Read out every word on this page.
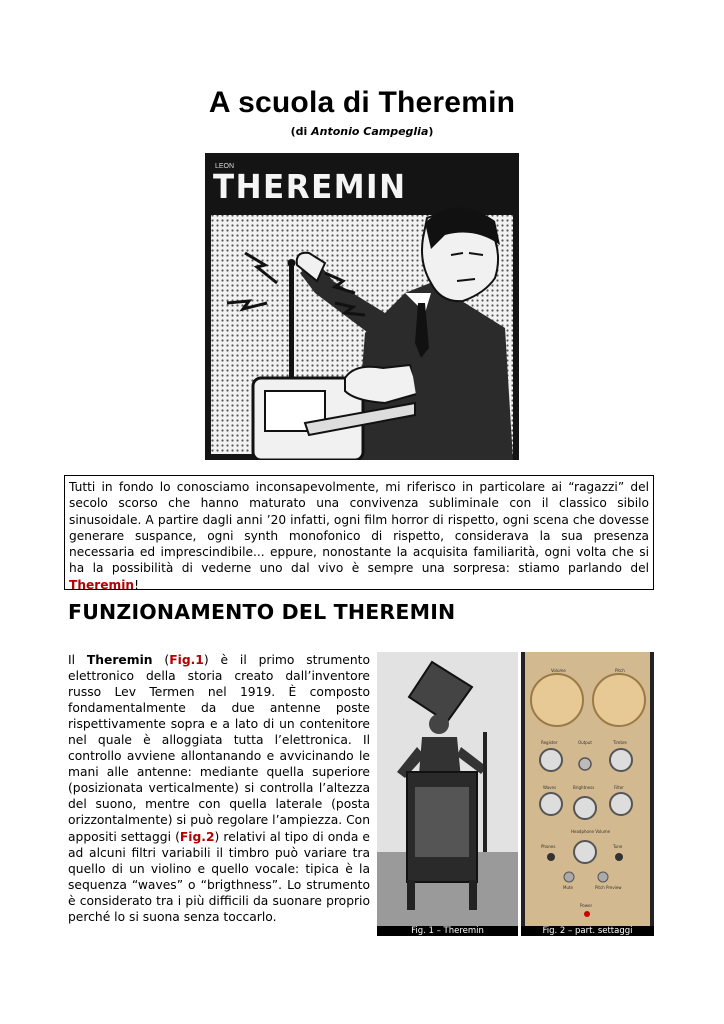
A scuola di Theremin
(di Antonio Campeglia)
LEON
THEREMIN
Tutti in fondo lo conosciamo inconsapevolmente, mi riferisco in particolare ai “ragazzi” del secolo scorso che hanno maturato una convivenza subliminale con il classico sibilo sinusoidale. A partire dagli anni ’20 infatti, ogni film horror di rispetto, ogni scena che dovesse generare suspance, ogni synth monofonico di rispetto, considerava la sua presenza necessaria ed imprescindibile... eppure, nonostante la acquisita familiarità, ogni volta che si ha la possibilità di vederne uno dal vivo è sempre una sorpresa: stiamo parlando del Theremin!
FUNZIONAMENTO DEL THEREMIN
Il Theremin (Fig.1) è il primo strumento elettronico della storia creato dall’inventore russo Lev Termen nel 1919. È composto fondamentalmente da due antenne poste rispettivamente sopra e a lato di un contenitore nel quale è alloggiata tutta l’elettronica. Il controllo avviene allontanando e avvicinando le mani alle antenne: mediante quella superiore (posizionata verticalmente) si controlla l’altezza del suono, mentre con quella laterale (posta orizzontalmente) si può regolare l’ampiezza. Con appositi settaggi (Fig.2) relativi al tipo di onda e ad alcuni filtri variabili il timbro può variare tra quello di un violino e quello vocale: tipica è la sequenza “waves” o “brigthness”. Lo strumento è considerato tra i più difficili da suonare proprio perché lo si suona senza toccarlo.
Volume	Pitch
Register	Output	Timbre
Waves	Brightness	Filter
Phones
Headphone Volume
Tune
Mute	Pitch Preview
Power
Fig. 1 – Theremin	Fig. 2 – part. settaggi
